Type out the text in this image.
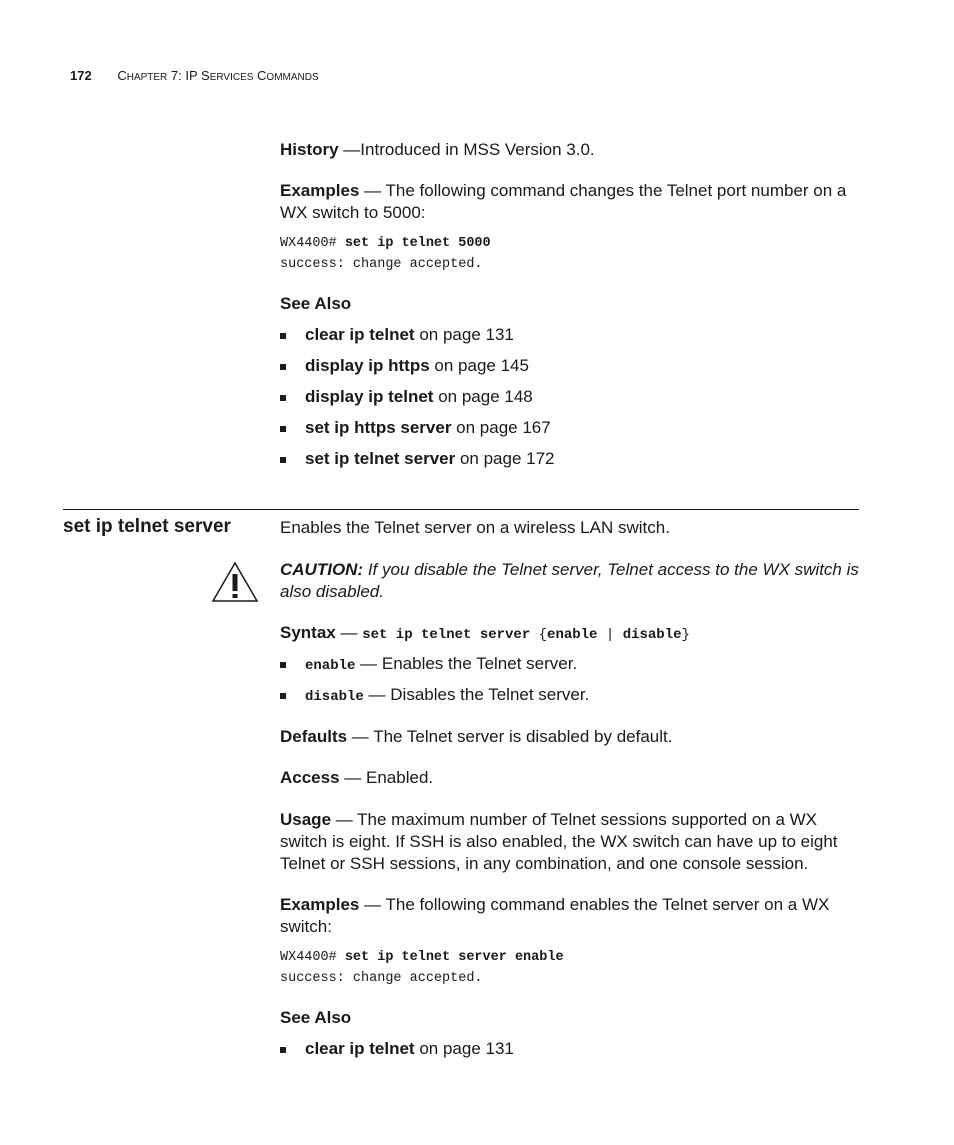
172 CHAPTER 7: IP SERVICES COMMANDS
History —Introduced in MSS Version 3.0.
Examples — The following command changes the Telnet port number on a WX switch to 5000:
WX4400# set ip telnet 5000
success: change accepted.
See Also
clear ip telnet on page 131
display ip https on page 145
display ip telnet on page 148
set ip https server on page 167
set ip telnet server on page 172
set ip telnet server	Enables the Telnet server on a wireless LAN switch.
CAUTION: If you disable the Telnet server, Telnet access to the WX switch is also disabled.
Syntax — set ip telnet server {enable | disable}
enable — Enables the Telnet server.
disable — Disables the Telnet server.
Defaults — The Telnet server is disabled by default.
Access — Enabled.
Usage — The maximum number of Telnet sessions supported on a WX switch is eight. If SSH is also enabled, the WX switch can have up to eight Telnet or SSH sessions, in any combination, and one console session.
Examples — The following command enables the Telnet server on a WX switch:
WX4400# set ip telnet server enable
success: change accepted.
See Also
clear ip telnet on page 131
